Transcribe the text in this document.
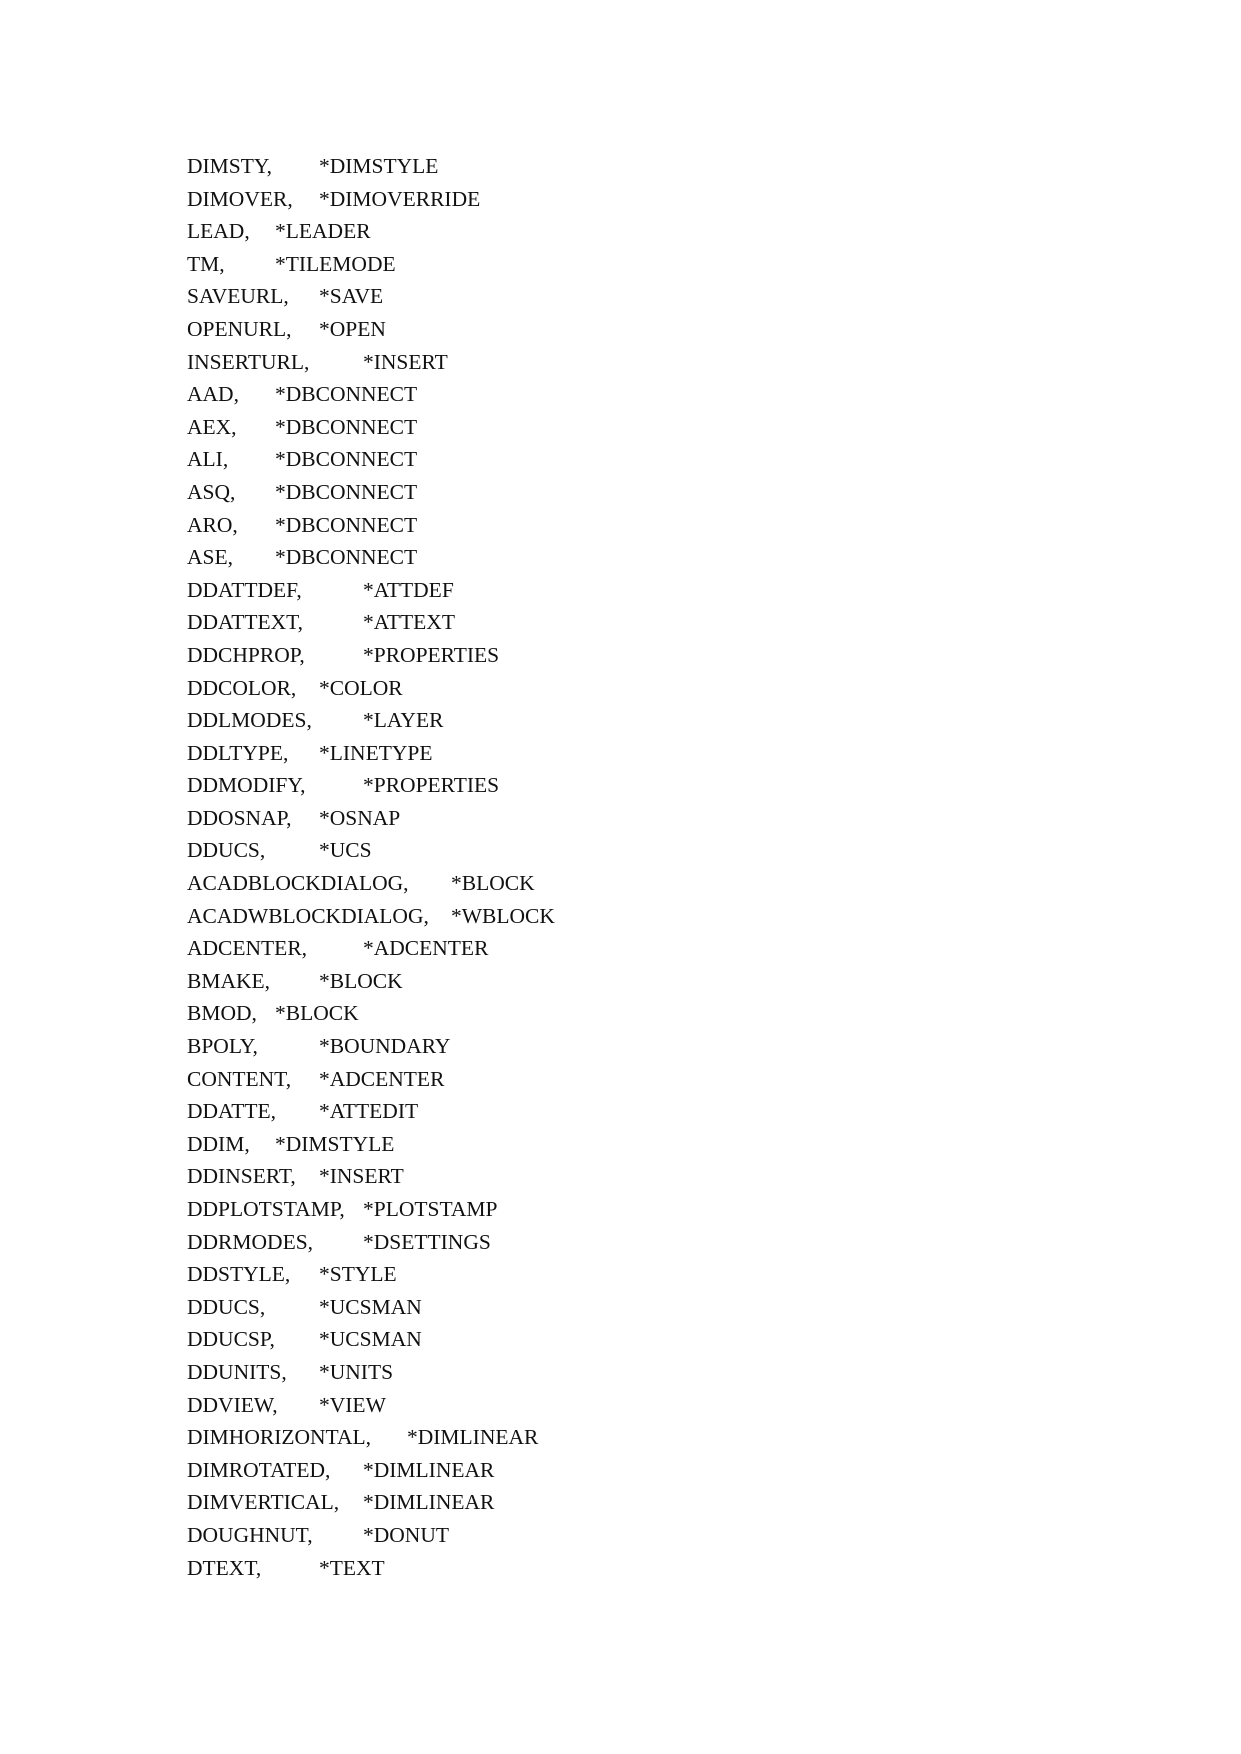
DIMSTY, *DIMSTYLE
DIMOVER, *DIMOVERRIDE
LEAD, *LEADER
TM, *TILEMODE
SAVEURL, *SAVE
OPENURL, *OPEN
INSERTURL, *INSERT
AAD, *DBCONNECT
AEX, *DBCONNECT
ALI, *DBCONNECT
ASQ, *DBCONNECT
ARO, *DBCONNECT
ASE, *DBCONNECT
DDATTDEF,	*ATTDEF
DDATTEXT,	*ATTEXT
DDCHPROP,	*PROPERTIES
DDCOLOR, *COLOR
DDLMODES, *LAYER
DDLTYPE, *LINETYPE
DDMODIFY,	*PROPERTIES
DDOSNAP, *OSNAP
DDUCS, *UCS
ACADBLOCKDIALOG, *BLOCK
ACADWBLOCKDIALOG, *WBLOCK
ADCENTER,	*ADCENTER
BMAKE, *BLOCK
BMOD, *BLOCK
BPOLY,	*BOUNDARY
CONTENT, *ADCENTER
DDATTE, *ATTEDIT
DDIM, *DIMSTYLE
DDINSERT, *INSERT
DDPLOTSTAMP, *PLOTSTAMP
DDRMODES, *DSETTINGS
DDSTYLE, *STYLE
DDUCS, *UCSMAN
DDUCSP, *UCSMAN
DDUNITS, *UNITS
DDVIEW, *VIEW
DIMHORIZONTAL, *DIMLINEAR
DIMROTATED, *DIMLINEAR
DIMVERTICAL, *DIMLINEAR
DOUGHNUT, *DONUT
DTEXT,	*TEXT
